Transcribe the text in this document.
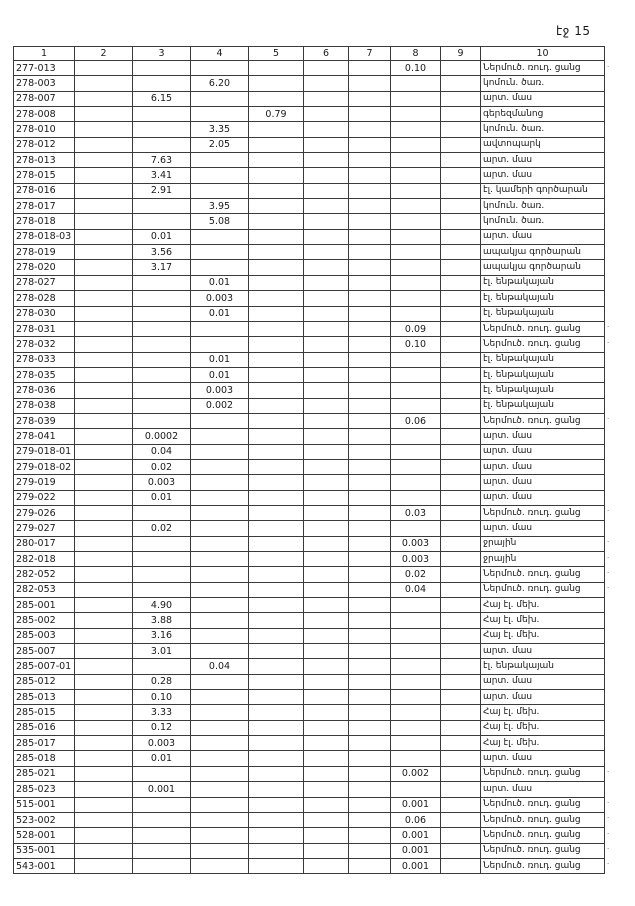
էջ 15
1	2	3	4	5	6	7	8	9	10
277-013							0.10		Ներմուծ. ռուդ. ցանց
278-003			6.20						կոմուն. ծառ.
278-007		6.15							արտ. մաս
278-008				0.79					գերեզմանոց
278-010			3.35						կոմուն. ծառ.
278-012			2.05						ավտոպարկ
278-013		7.63							արտ. մաս
278-015		3.41							արտ. մաս
278-016		2.91							էլ. կամերի գործարան
278-017			3.95						կոմուն. ծառ.
278-018			5.08						կոմուն. ծառ.
278-018-03		0.01							արտ. մաս
278-019		3.56							ապակյա գործարան
278-020		3.17							ապակյա գործարան
278-027			0.01						էլ. ենթակայան
278-028			0.003						էլ. ենթակայան
278-030			0.01						էլ. ենթակայան
278-031							0.09		Ներմուծ. ռուդ. ցանց
278-032							0.10		Ներմուծ. ռուդ. ցանց
278-033			0.01						էլ. ենթակայան
278-035			0.01						էլ. ենթակայան
278-036			0.003						էլ. ենթակայան
278-038			0.002						էլ. ենթակայան
278-039							0.06		Ներմուծ. ռուդ. ցանց
278-041		0.0002							արտ. մաս
279-018-01		0.04							արտ. մաս
279-018-02		0.02							արտ. մաս
279-019		0.003							արտ. մաս
279-022		0.01							արտ. մաս
279-026							0.03		Ներմուծ. ռուդ. ցանց
279-027		0.02							արտ. մաս
280-017							0.003		ջրային
282-018							0.003		ջրային
282-052							0.02		Ներմուծ. ռուդ. ցանց
282-053							0.04		Ներմուծ. ռուդ. ցանց
285-001		4.90							Հայ էլ. մեխ.
285-002		3.88							Հայ էլ. մեխ.
285-003		3.16							Հայ էլ. մեխ.
285-007		3.01							արտ. մաս
285-007-01			0.04						էլ. ենթակայան
285-012		0.28							արտ. մաս
285-013		0.10							արտ. մաս
285-015		3.33							Հայ էլ. մեխ.
285-016		0.12							Հայ էլ. մեխ.
285-017		0.003							Հայ էլ. մեխ.
285-018		0.01							արտ. մաս
285-021							0.002		Ներմուծ. ռուդ. ցանց
285-023		0.001							արտ. մաս
515-001							0.001		Ներմուծ. ռուդ. ցանց
523-002							0.06		Ներմուծ. ռուդ. ցանց
528-001							0.001		Ներմուծ. ռուդ. ցանց
535-001							0.001		Ներմուծ. ռուդ. ցանց
543-001							0.001		Ներմուծ. ռուդ. ցանց
·
·
·
·
·
·
·
·
·
·
·
·
·
·
·
